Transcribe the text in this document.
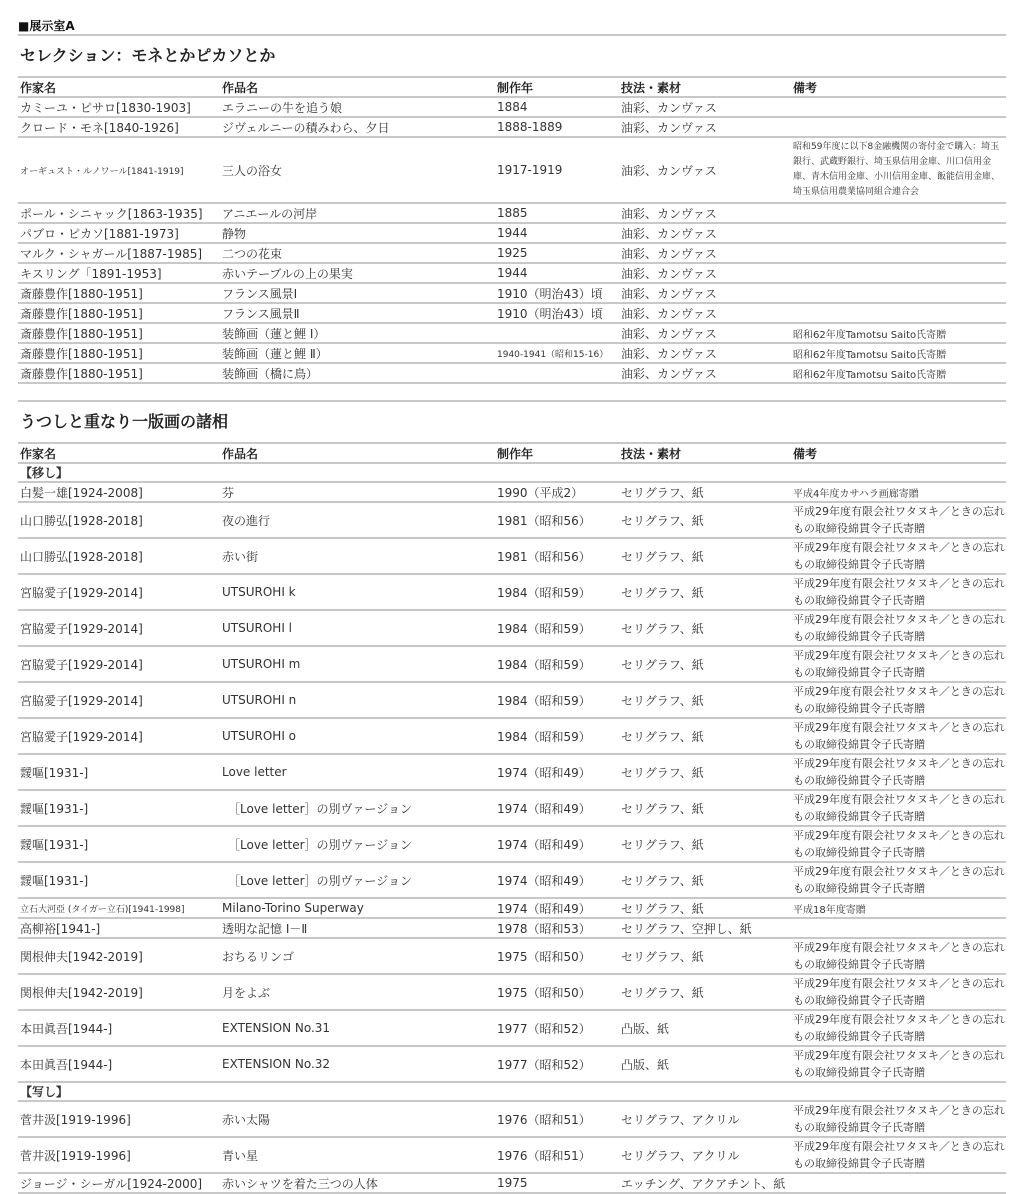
■展示室A
セレクション：モネとかピカソとか
作家名	作品名	制作年	技法・素材	備考
カミーユ・ピサロ[1830-1903]	エラニーの牛を追う娘	1884	油彩、カンヴァス	
クロード・モネ[1840-1926]	ジヴェルニーの積みわら、夕日	1888-1889	油彩、カンヴァス	
オーギュスト・ルノワール[1841-1919]	三人の浴女	1917-1919	油彩、カンヴァス	昭和59年度に以下8金融機関の寄付金で購入：埼玉銀行、武蔵野銀行、埼玉県信用金庫、川口信用金庫、青木信用金庫、小川信用金庫、飯能信用金庫、埼玉県信用農業協同組合連合会
ポール・シニャック[1863-1935]	アニエールの河岸	1885	油彩、カンヴァス	
パブロ・ピカソ[1881-1973]	静物	1944	油彩、カンヴァス	
マルク・シャガール[1887-1985]	二つの花束	1925	油彩、カンヴァス	
キスリング「1891-1953]	赤いテーブルの上の果実	1944	油彩、カンヴァス	
斎藤豊作[1880-1951]	フランス風景Ⅰ	1910（明治43）頃	油彩、カンヴァス	
斎藤豊作[1880-1951]	フランス風景Ⅱ	1910（明治43）頃	油彩、カンヴァス	
斎藤豊作[1880-1951]	装飾画（蓮と鯉 Ⅰ）		油彩、カンヴァス	昭和62年度Tamotsu Saito氏寄贈
斎藤豊作[1880-1951]	装飾画（蓮と鯉 Ⅱ）	1940-1941（昭和15-16）	油彩、カンヴァス	昭和62年度Tamotsu Saito氏寄贈
斎藤豊作[1880-1951]	装飾画（橋に鳥）		油彩、カンヴァス	昭和62年度Tamotsu Saito氏寄贈
うつしと重なり一版画の諸相
作家名	作品名	制作年	技法・素材	備考
【移し】				
白髪一雄[1924-2008]	芬	1990（平成2）	セリグラフ、紙	平成4年度カサハラ画廊寄贈
山口勝弘[1928-2018]	夜の進行	1981（昭和56）	セリグラフ、紙	平成29年度有限会社ワタヌキ／ときの忘れもの取締役綿貫令子氏寄贈
山口勝弘[1928-2018]	赤い街	1981（昭和56）	セリグラフ、紙	平成29年度有限会社ワタヌキ／ときの忘れもの取締役綿貫令子氏寄贈
宮脇愛子[1929-2014]	UTSUROHI k	1984（昭和59）	セリグラフ、紙	平成29年度有限会社ワタヌキ／ときの忘れもの取締役綿貫令子氏寄贈
宮脇愛子[1929-2014]	UTSUROHI l	1984（昭和59）	セリグラフ、紙	平成29年度有限会社ワタヌキ／ときの忘れもの取締役綿貫令子氏寄贈
宮脇愛子[1929-2014]	UTSUROHI m	1984（昭和59）	セリグラフ、紙	平成29年度有限会社ワタヌキ／ときの忘れもの取締役綿貫令子氏寄贈
宮脇愛子[1929-2014]	UTSUROHI n	1984（昭和59）	セリグラフ、紙	平成29年度有限会社ワタヌキ／ときの忘れもの取締役綿貫令子氏寄贈
宮脇愛子[1929-2014]	UTSUROHI o	1984（昭和59）	セリグラフ、紙	平成29年度有限会社ワタヌキ／ときの忘れもの取締役綿貫令子氏寄贈
靉嘔[1931-]	Love letter	1974（昭和49）	セリグラフ、紙	平成29年度有限会社ワタヌキ／ときの忘れもの取締役綿貫令子氏寄贈
靉嘔[1931-]	［Love letter］の別ヴァージョン	1974（昭和49）	セリグラフ、紙	平成29年度有限会社ワタヌキ／ときの忘れもの取締役綿貫令子氏寄贈
靉嘔[1931-]	［Love letter］の別ヴァージョン	1974（昭和49）	セリグラフ、紙	平成29年度有限会社ワタヌキ／ときの忘れもの取締役綿貫令子氏寄贈
靉嘔[1931-]	［Love letter］の別ヴァージョン	1974（昭和49）	セリグラフ、紙	平成29年度有限会社ワタヌキ／ときの忘れもの取締役綿貫令子氏寄贈
立石大河亞 (タイガー立石)[1941-1998]	Milano-Torino Superway	1974（昭和49）	セリグラフ、紙	平成18年度寄贈
高柳裕[1941-]	透明な記憶 Ⅰ－Ⅱ	1978（昭和53）	セリグラフ、空押し、紙	
関根伸夫[1942-2019]	おちるリンゴ	1975（昭和50）	セリグラフ、紙	平成29年度有限会社ワタヌキ／ときの忘れもの取締役綿貫令子氏寄贈
関根伸夫[1942-2019]	月をよぶ	1975（昭和50）	セリグラフ、紙	平成29年度有限会社ワタヌキ／ときの忘れもの取締役綿貫令子氏寄贈
本田眞吾[1944-]	EXTENSION No.31	1977（昭和52）	凸版、紙	平成29年度有限会社ワタヌキ／ときの忘れもの取締役綿貫令子氏寄贈
本田眞吾[1944-]	EXTENSION No.32	1977（昭和52）	凸版、紙	平成29年度有限会社ワタヌキ／ときの忘れもの取締役綿貫令子氏寄贈
【写し】				
菅井汲[1919-1996]	赤い太陽	1976（昭和51）	セリグラフ、アクリル	平成29年度有限会社ワタヌキ／ときの忘れもの取締役綿貫令子氏寄贈
菅井汲[1919-1996]	青い星	1976（昭和51）	セリグラフ、アクリル	平成29年度有限会社ワタヌキ／ときの忘れもの取締役綿貫令子氏寄贈
ジョージ・シーガル[1924-2000]	赤いシャツを着た三つの人体	1975	エッチング、アクアチント、紙	
